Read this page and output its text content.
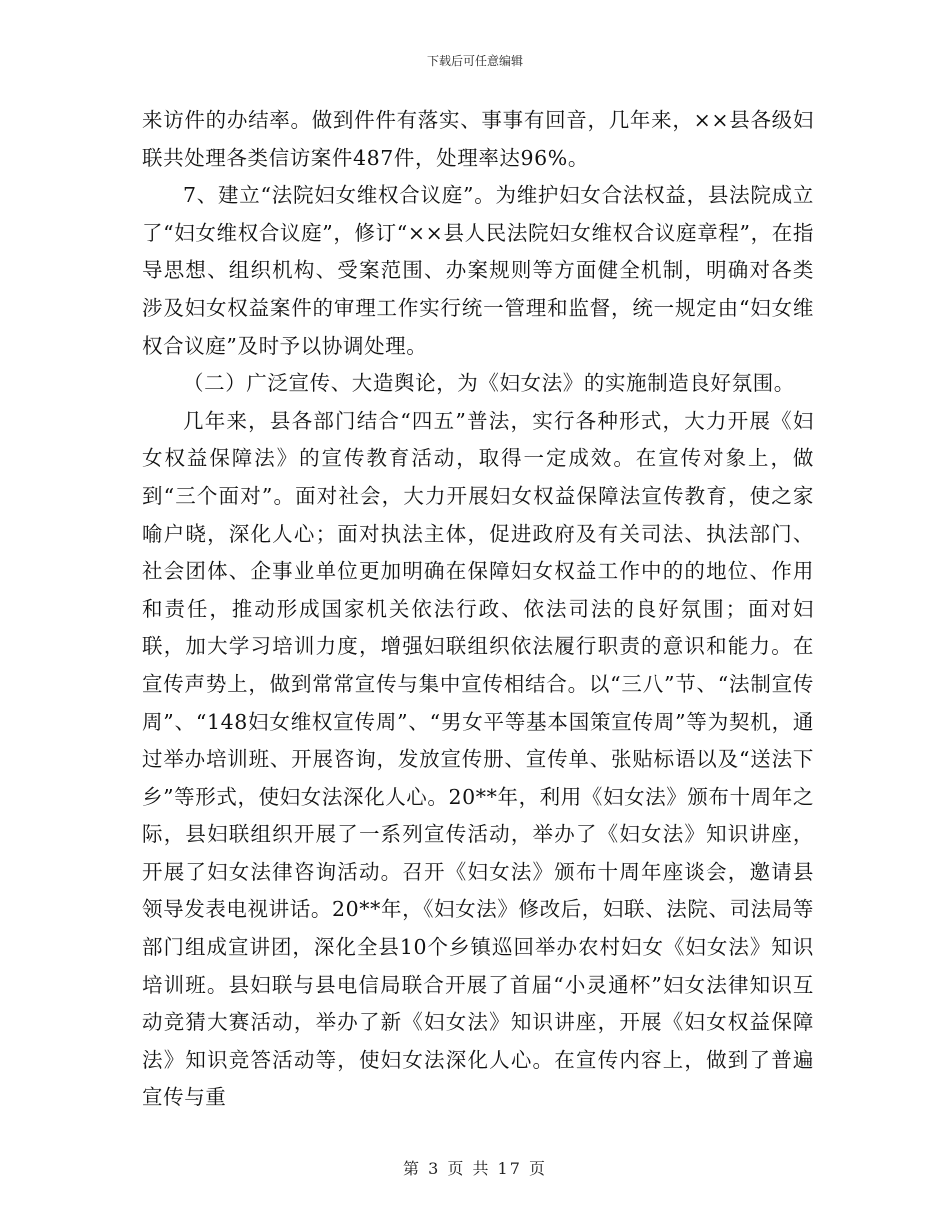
下载后可任意编辑

来访件的办结率。做到件件有落实、事事有回音，几年来，××县各级妇联共处理各类信访案件487件，处理率达96%。

7、建立“法院妇女维权合议庭”。为维护妇女合法权益，县法院成立了“妇女维权合议庭”，修订“××县人民法院妇女维权合议庭章程”，在指导思想、组织机构、受案范围、办案规则等方面健全机制，明确对各类涉及妇女权益案件的审理工作实行统一管理和监督，统一规定由“妇女维权合议庭”及时予以协调处理。

（二）广泛宣传、大造舆论，为《妇女法》的实施制造良好氛围。

几年来，县各部门结合“四五”普法，实行各种形式，大力开展《妇女权益保障法》的宣传教育活动，取得一定成效。在宣传对象上，做到“三个面对”。面对社会，大力开展妇女权益保障法宣传教育，使之家喻户晓，深化人心；面对执法主体，促进政府及有关司法、执法部门、社会团体、企事业单位更加明确在保障妇女权益工作中的的地位、作用和责任，推动形成国家机关依法行政、依法司法的良好氛围；面对妇联，加大学习培训力度，增强妇联组织依法履行职责的意识和能力。在宣传声势上，做到常常宣传与集中宣传相结合。以“三八”节、“法制宣传周”、“148妇女维权宣传周”、“男女平等基本国策宣传周”等为契机，通过举办培训班、开展咨询，发放宣传册、宣传单、张贴标语以及“送法下乡”等形式，使妇女法深化人心。20**年，利用《妇女法》颁布十周年之际，县妇联组织开展了一系列宣传活动，举办了《妇女法》知识讲座，开展了妇女法律咨询活动。召开《妇女法》颁布十周年座谈会，邀请县领导发表电视讲话。20**年，《妇女法》修改后，妇联、法院、司法局等部门组成宣讲团，深化全县10个乡镇巡回举办农村妇女《妇女法》知识培训班。县妇联与县电信局联合开展了首届“小灵通杯”妇女法律知识互动竞猜大赛活动，举办了新《妇女法》知识讲座，开展《妇女权益保障法》知识竞答活动等，使妇女法深化人心。在宣传内容上，做到了普遍宣传与重

第 3 页 共 17 页
